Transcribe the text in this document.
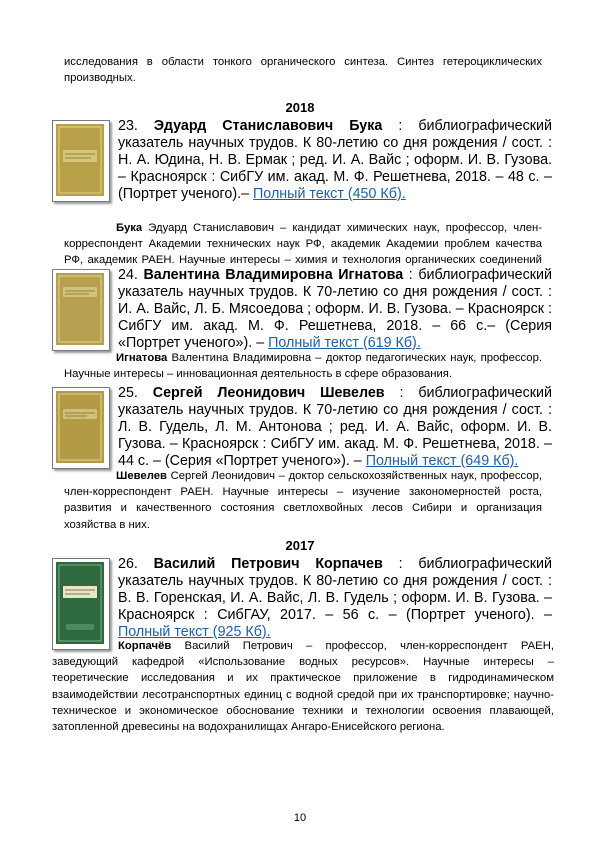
исследования в области тонкого органического синтеза. Синтез гетероциклических производных.
2018
23. Эдуард Станиславович Бука : библиографический указатель научных трудов. К 80-летию со дня рождения / сост. : Н. А. Юдина, Н. В. Ермак ; ред. И. А. Вайс ; оформ. И. В. Гузова. – Красноярск : СибГУ им. акад. М. Ф. Решетнева, 2018. – 48 с. – (Портрет ученого).– Полный текст (450 Кб).
Бука Эдуард Станиславович – кандидат химических наук, профессор, член-корреспондент Академии технических наук РФ, академик Академии проблем качества РФ, академик РАЕН. Научные интересы – химия и технология органических соединений
24. Валентина Владимировна Игнатова : библиографический указатель научных трудов. К 70-летию со дня рождения / сост. : И. А. Вайс, Л. Б. Мясоедова ; оформ. И. В. Гузова. – Красноярск : СибГУ им. акад. М. Ф. Решетнева, 2018. – 66 с.– (Серия «Портрет ученого»). – Полный текст (619 Кб).
Игнатова Валентина Владимировна – доктор педагогических наук, профессор. Научные интересы – инновационная деятельность в сфере образования.
25. Сергей Леонидович Шевелев : библиографический указатель научных трудов. К 70-летию со дня рождения / сост. : Л. В. Гудель, Л. М. Антонова ; ред. И. А. Вайс, оформ. И. В. Гузова. – Красноярск : СибГУ им. акад. М. Ф. Решетнева, 2018. – 44 с. – (Серия «Портрет ученого»). – Полный текст (649 Кб).
Шевелев Сергей Леонидович – доктор сельскохозяйственных наук, профессор, член-корреспондент РАЕН. Научные интересы – изучение закономерностей роста, развития и качественного состояния светлохвойных лесов Сибири и организация хозяйства в них.
2017
26. Василий Петрович Корпачев : библиографический указатель научных трудов. К 80-летию со дня рождения / сост. : В. В. Горенская, И. А. Вайс, Л. В. Гудель ; оформ. И. В. Гузова. – Красноярск : СибГАУ, 2017. – 56 с. – (Портрет ученого). – Полный текст (925 Кб).
Корпачёв Василий Петрович – профессор, член-корреспондент РАЕН, заведующий кафедрой «Использование водных ресурсов». Научные интересы – теоретические исследования и их практическое приложение в гидродинамическом взаимодействии лесотранспортных единиц с водной средой при их транспортировке; научно-техническое и экономическое обоснование техники и технологии освоения плавающей, затопленной древесины на водохранилищах Ангаро-Енисейского региона.
10
